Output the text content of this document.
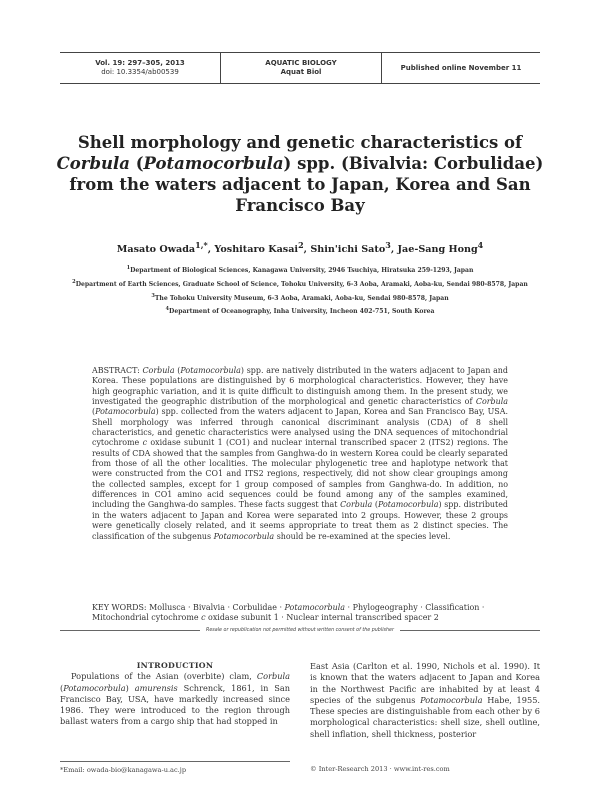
Vol. 19: 297–305, 2013
doi: 10.3354/ab00539
AQUATIC BIOLOGY
Aquat Biol	Published online November 11
Shell morphology and genetic characteristics of
Corbula (Potamocorbula) spp. (Bivalvia: Corbulidae)
from the waters adjacent to Japan, Korea and San
Francisco Bay

Masato Owada$^{1,*}$, Yoshitaro Kasai$^2$, Shin'ichi Sato$^3$, Jae-Sang Hong$^4$

$^1$Department of Biological Sciences, Kanagawa University, 2946 Tsuchiya, Hiratsuka 259-1293, Japan

$^2$Department of Earth Sciences, Graduate School of Science, Tohoku University, 6-3 Aoba, Aramaki, Aoba-ku, Sendai 980-8578, Japan

$^3$The Tohoku University Museum, 6-3 Aoba, Aramaki, Aoba-ku, Sendai 980-8578, Japan

$^4$Department of Oceanography, Inha University, Incheon 402-751, South Korea

ABSTRACT: Corbula (Potamocorbula) spp. are natively distributed in the waters adjacent to Japan and Korea. These populations are distinguished by 6 morphological characteristics. However, they have high geographic variation, and it is quite difficult to distinguish among them. In the present study, we investigated the geographic distribution of the morphological and genetic characteristics of Corbula (Potamocorbula) spp. collected from the waters adjacent to Japan, Korea and San Francisco Bay, USA. Shell morphology was inferred through canonical discriminant analysis (CDA) of 8 shell characteristics, and genetic characteristics were analysed using the DNA sequences of mitochondrial cytochrome c oxidase subunit 1 (CO1) and nuclear internal transcribed spacer 2 (ITS2) regions. The results of CDA showed that the samples from Ganghwa-do in western Korea could be clearly separated from those of all the other localities. The molecular phylogenetic tree and haplotype network that were constructed from the CO1 and ITS2 regions, respectively, did not show clear groupings among the collected samples, except for 1 group composed of samples from Ganghwa-do. In addition, no differences in CO1 amino acid sequences could be found among any of the samples examined, including the Ganghwa-do samples. These facts suggest that Corbula (Potamocorbula) spp. distributed in the waters adjacent to Japan and Korea were separated into 2 groups. However, these 2 groups were genetically closely related, and it seems appropriate to treat them as 2 distinct species. The classification of the subgenus Potamocorbula should be re-examined at the species level.

KEY WORDS: Mollusca · Bivalvia · Corbulidae · Potamocorbula · Phylogeography · Classification · Mitochondrial cytochrome c oxidase subunit 1 · Nuclear internal transcribed spacer 2

Resale or republication not permitted without written consent of the publisher

INTRODUCTION

Populations of the Asian (overbite) clam, Corbula (Potamocorbula) amurensis Schrenck, 1861, in San Francisco Bay, USA, have markedly increased since 1986. They were introduced to the region through ballast waters from a cargo ship that had stopped in

East Asia (Carlton et al. 1990, Nichols et al. 1990). It is known that the waters adjacent to Japan and Korea in the Northwest Pacific are inhabited by at least 4 species of the subgenus Potamocorbula Habe, 1955. These species are distinguishable from each other by 6 morphological characteristics: shell size, shell outline, shell inflation, shell thickness, posterior

*Email: owada-bio@kanagawa-u.ac.jp	© Inter-Research 2013 · www.int-res.com
